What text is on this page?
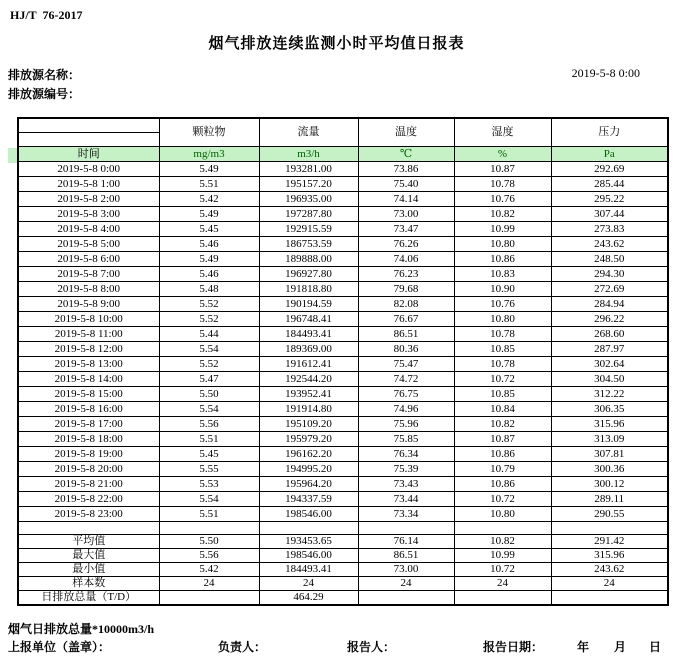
HJ/T  76-2017
烟气排放连续监测小时平均值日报表
排放源名称：	2019-5-8 0:00
排放源编号：
	颗粒物	流量	温度	湿度	压力

时间	mg/m3	m3/h	℃	%	Pa
2019-5-8 0:00	5.49	193281.00	73.86	10.87	292.69
2019-5-8 1:00	5.51	195157.20	75.40	10.78	285.44
2019-5-8 2:00	5.42	196935.00	74.14	10.76	295.22
2019-5-8 3:00	5.49	197287.80	73.00	10.82	307.44
2019-5-8 4:00	5.45	192915.59	73.47	10.99	273.83
2019-5-8 5:00	5.46	186753.59	76.26	10.80	243.62
2019-5-8 6:00	5.49	189888.00	74.06	10.86	248.50
2019-5-8 7:00	5.46	196927.80	76.23	10.83	294.30
2019-5-8 8:00	5.48	191818.80	79.68	10.90	272.69
2019-5-8 9:00	5.52	190194.59	82.08	10.76	284.94
2019-5-8 10:00	5.52	196748.41	76.67	10.80	296.22
2019-5-8 11:00	5.44	184493.41	86.51	10.78	268.60
2019-5-8 12:00	5.54	189369.00	80.36	10.85	287.97
2019-5-8 13:00	5.52	191612.41	75.47	10.78	302.64
2019-5-8 14:00	5.47	192544.20	74.72	10.72	304.50
2019-5-8 15:00	5.50	193952.41	76.75	10.85	312.22
2019-5-8 16:00	5.54	191914.80	74.96	10.84	306.35
2019-5-8 17:00	5.56	195109.20	75.96	10.82	315.96
2019-5-8 18:00	5.51	195979.20	75.85	10.87	313.09
2019-5-8 19:00	5.45	196162.20	76.34	10.86	307.81
2019-5-8 20:00	5.55	194995.20	75.39	10.79	300.36
2019-5-8 21:00	5.53	195964.20	73.43	10.86	300.12
2019-5-8 22:00	5.54	194337.59	73.44	10.72	289.11
2019-5-8 23:00	5.51	198546.00	73.34	10.80	290.55

平均值	5.50	193453.65	76.14	10.82	291.42
最大值	5.56	198546.00	86.51	10.99	315.96
最小值	5.42	184493.41	73.00	10.72	243.62
样本数	24	24	24	24	24
日排放总量（T/D）		464.29			
烟气日排放总量*10000m3/h
上报单位（盖章）：	负责人：	报告人：	报告日期：	年 月 日
